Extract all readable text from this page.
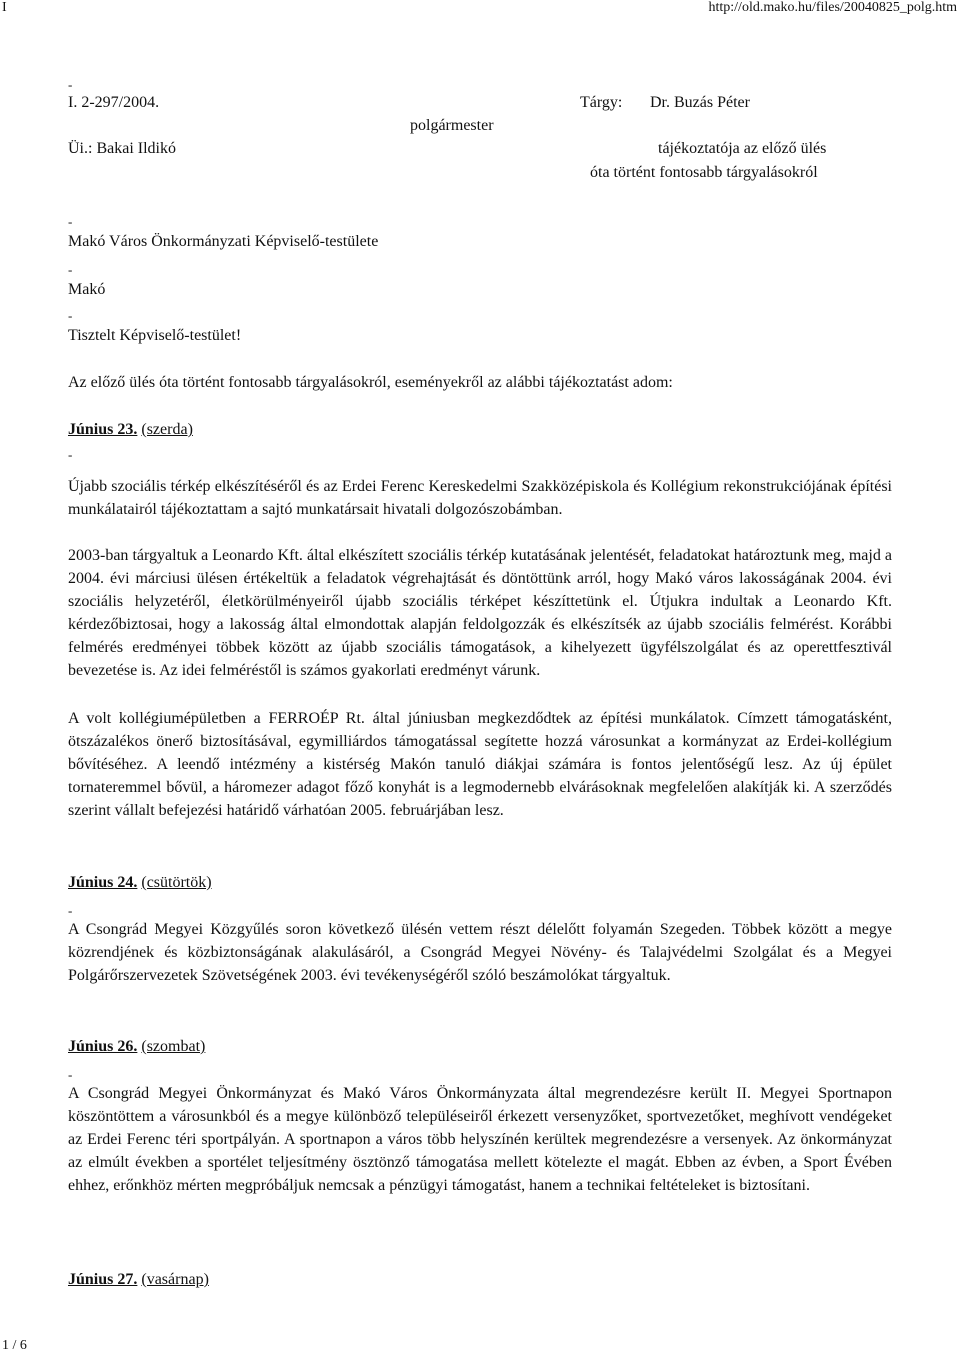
I	http://old.mako.hu/files/20040825_polg.htm
-
I. 2-297/2004.	Tárgy: Dr. Buzás Péter
polgármester
Üi.: Bakai Ildikó	tájékoztatója az előző ülés
óta történt fontosabb tárgyalásokról
-
Makó Város Önkormányzati Képviselő-testülete
-
Makó
-
Tisztelt Képviselő-testület!
Az előző ülés óta történt fontosabb tárgyalásokról, eseményekről az alábbi tájékoztatást adom:
Június 23. (szerda)
-

Újabb szociális térkép elkészítéséről és az Erdei Ferenc Kereskedelmi Szakközépiskola és Kollégium rekonstrukciójának építési munkálatairól tájékoztattam a sajtó munkatársait hivatali dolgozószobámban.

2003-ban tárgyaltuk a Leonardo Kft. által elkészített szociális térkép kutatásának jelentését, feladatokat határoztunk meg, majd a 2004. évi márciusi ülésen értékeltük a feladatok végrehajtását és döntöttünk arról, hogy Makó város lakosságának 2004. évi szociális helyzetéről, életkörülményeiről újabb szociális térképet készíttetünk el. Útjukra indultak a Leonardo Kft. kérdezőbiztosai, hogy a lakosság által elmondottak alapján feldolgozzák és elkészítsék az újabb szociális felmérést. Korábbi felmérés eredményei többek között az újabb szociális támogatások, a kihelyezett ügyfélszolgálat és az operettfesztivál bevezetése is. Az idei felméréstől is számos gyakorlati eredményt várunk.

A volt kollégiumépületben a FERROÉP Rt. által júniusban megkezdődtek az építési munkálatok. Címzett támogatásként, ötszázalékos önerő biztosításával, egymilliárdos támogatással segítette hozzá városunkat a kormányzat az Erdei-kollégium bővítéséhez. A leendő intézmény a kistérség Makón tanuló diákjai számára is fontos jelentőségű lesz. Az új épület tornateremmel bővül, a háromezer adagot főző konyhát is a legmodernebb elvárásoknak megfelelően alakítják ki. A szerződés szerint vállalt befejezési határidő várhatóan 2005. februárjában lesz.

Június 24. (csütörtök)
-

A Csongrád Megyei Közgyűlés soron következő ülésén vettem részt délelőtt folyamán Szegeden. Többek között a megye közrendjének és közbiztonságának alakulásáról, a Csongrád Megyei Növény- és Talajvédelmi Szolgálat és a Megyei Polgárőrszervezetek Szövetségének 2003. évi tevékenységéről szóló beszámolókat tárgyaltuk.

Június 26. (szombat)
-

A Csongrád Megyei Önkormányzat és Makó Város Önkormányzata által megrendezésre került II. Megyei Sportnapon köszöntöttem a városunkból és a megye különböző településeiről érkezett versenyzőket, sportvezetőket, meghívott vendégeket az Erdei Ferenc téri sportpályán. A sportnapon a város több helyszínén kerültek megrendezésre a versenyek. Az önkormányzat az elmúlt években a sportélet teljesítmény ösztönző támogatása mellett kötelezte el magát. Ebben az évben, a Sport Évében ehhez, erőnkhöz mérten megpróbáljuk nemcsak a pénzügyi támogatást, hanem a technikai feltételeket is biztosítani.

Június 27. (vasárnap)
1 / 6
